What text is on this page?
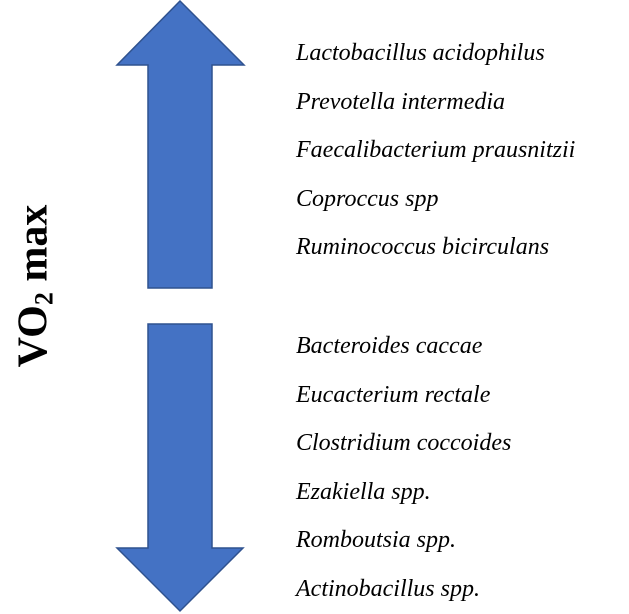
$VO_2$ max
Lactobacillus acidophilus
Prevotella intermedia
Faecalibacterium prausnitzii
Coproccus spp
Ruminococcus bicirculans
Bacteroides caccae
Eucacterium rectale
Clostridium coccoides
Ezakiella spp.
Romboutsia spp.
Actinobacillus spp.
